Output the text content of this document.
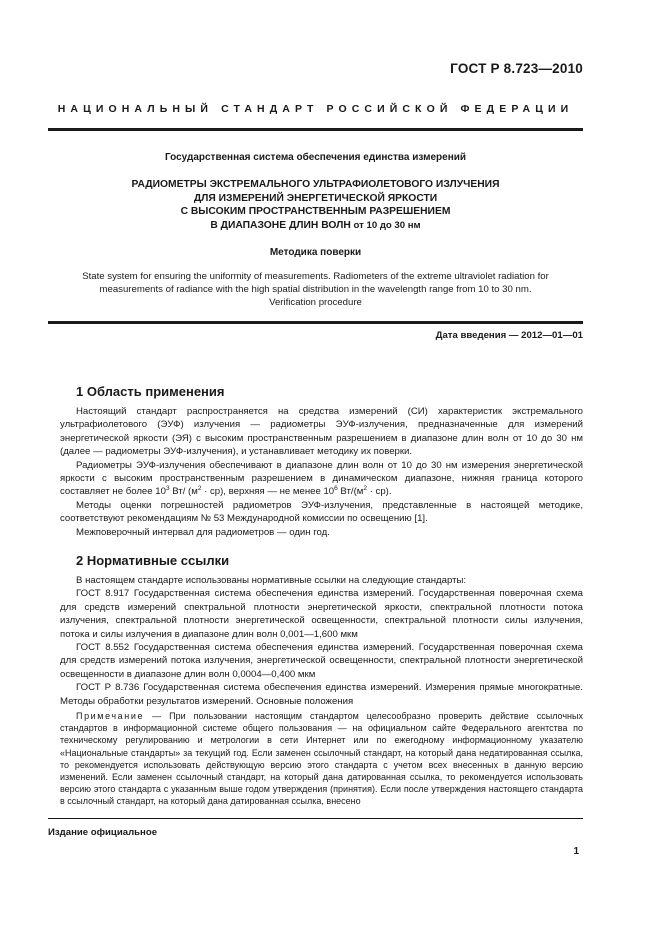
ГОСТ Р 8.723—2010
НАЦИОНАЛЬНЫЙ СТАНДАРТ РОССИЙСКОЙ ФЕДЕРАЦИИ
Государственная система обеспечения единства измерений
РАДИОМЕТРЫ ЭКСТРЕМАЛЬНОГО УЛЬТРАФИОЛЕТОВОГО ИЗЛУЧЕНИЯ
ДЛЯ ИЗМЕРЕНИЙ ЭНЕРГЕТИЧЕСКОЙ ЯРКОСТИ
С ВЫСОКИМ ПРОСТРАНСТВЕННЫМ РАЗРЕШЕНИЕМ
В ДИАПАЗОНЕ ДЛИН ВОЛН от 10 до 30 нм
Методика поверки
State system for ensuring the uniformity of measurements. Radiometers of the extreme ultraviolet radiation for
measurements of radiance with the high spatial distribution in the wavelength range from 10 to 30 nm.
Verification procedure
Дата введения — 2012—01—01
1 Область применения

Настоящий стандарт распространяется на средства измерений (СИ) характеристик экстремального ультрафиолетового (ЭУФ) излучения — радиометры ЭУФ-излучения, предназначенные для измерений энергетической яркости (ЭЯ) с высоким пространственным разрешением в диапазоне длин волн от 10 до 30 нм (далее — радиометры ЭУФ-излучения), и устанавливает методику их поверки.

Радиометры ЭУФ-излучения обеспечивают в диапазоне длин волн от 10 до 30 нм измерения энергетической яркости с высоким пространственным разрешением в динамическом диапазоне, нижняя граница которого составляет не более $10^3$ Вт/ $(м^2 \cdot ср)$, верхняя — не менее $10^6$ $Вт/(м^2 \cdot ср)$.

Методы оценки погрешностей радиометров ЭУФ-излучения, представленные в настоящей методике, соответствуют рекомендациям № 53 Международной комиссии по освещению [1].

Межповерочный интервал для радиометров — один год.

2 Нормативные ссылки

В настоящем стандарте использованы нормативные ссылки на следующие стандарты:

ГОСТ 8.917 Государственная система обеспечения единства измерений. Государственная поверочная схема для средств измерений спектральной плотности энергетической яркости, спектральной плотности потока излучения, спектральной плотности энергетической освещенности, спектральной плотности силы излучения, потока и силы излучения в диапазоне длин волн 0,001—1,600 мкм

ГОСТ 8.552 Государственная система обеспечения единства измерений. Государственная поверочная схема для средств измерений потока излучения, энергетической освещенности, спектральной плотности энергетической освещенности в диапазоне длин волн 0,0004—0,400 мкм

ГОСТ Р 8.736 Государственная система обеспечения единства измерений. Измерения прямые многократные. Методы обработки результатов измерений. Основные положения

Примечание — При пользовании настоящим стандартом целесообразно проверить действие ссылочных стандартов в информационной системе общего пользования — на официальном сайте Федерального агентства по техническому регулированию и метрологии в сети Интернет или по ежегодному информационному указателю «Национальные стандарты» за текущий год. Если заменен ссылочный стандарт, на который дана недатированная ссылка, то рекомендуется использовать действующую версию этого стандарта с учетом всех внесенных в данную версию изменений. Если заменен ссылочный стандарт, на который дана датированная ссылка, то рекомендуется использовать версию этого стандарта с указанным выше годом утверждения (принятия). Если после утверждения настоящего стандарта в ссылочный стандарт, на который дана датированная ссылка, внесено

Издание официальное
1
